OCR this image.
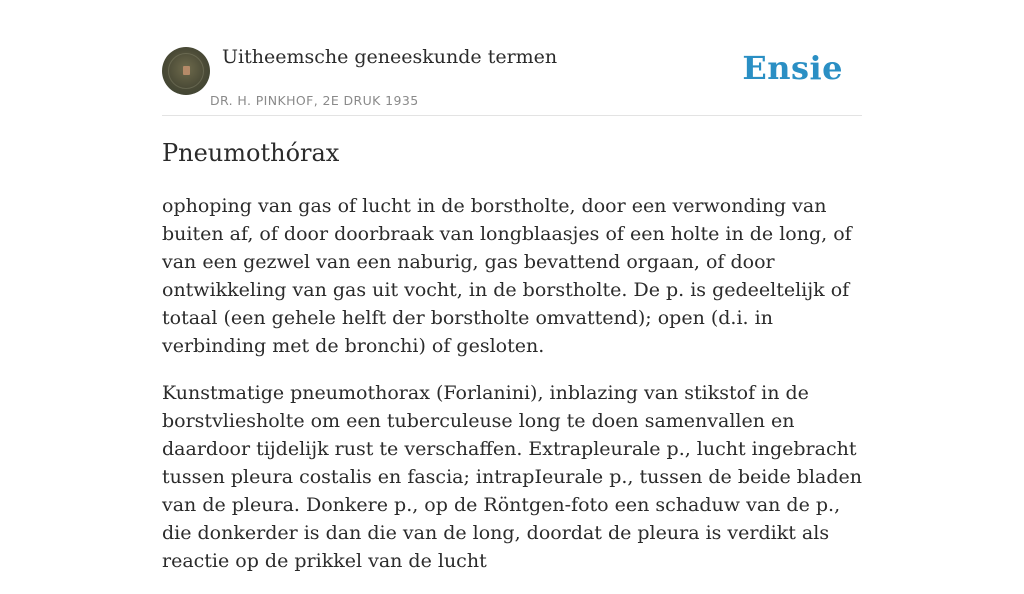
Uitheemsche geneeskunde termen
DR. H. PINKHOF, 2E DRUK 1935
Ensie
Pneumothórax

ophoping van gas of lucht in de borstholte, door een verwonding van buiten af, of door doorbraak van longblaasjes of een holte in de long, of van een gezwel van een naburig, gas bevattend orgaan, of door ontwikkeling van gas uit vocht, in de borstholte. De p. is gedeeltelijk of totaal (een gehele helft der borstholte omvattend); open (d.i. in verbinding met de bronchi) of gesloten.

Kunstmatige pneumothorax (Forlanini), inblazing van stikstof in de borstvliesholte om een tuberculeuse long te doen samenvallen en daardoor tijdelijk rust te verschaffen. Extrapleurale p., lucht ingebracht tussen pleura costalis en fascia; intrapIeurale p., tussen de beide bladen van de pleura. Donkere p., op de Röntgen-foto een schaduw van de p., die donkerder is dan die van de long, doordat de pleura is verdikt als reactie op de prikkel van de lucht
